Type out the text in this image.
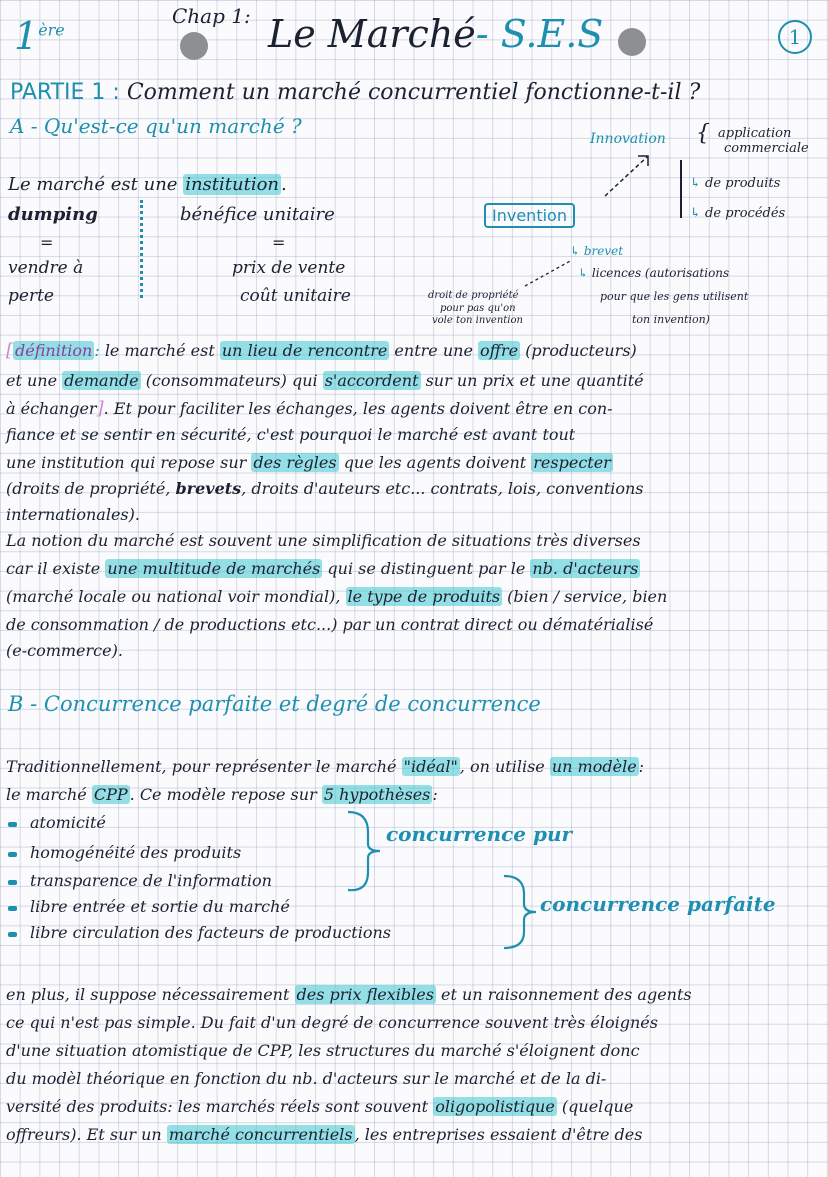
1ère
Chap 1: Le Marché- S.E.S	1
PARTIE 1 : Comment un marché concurrentiel fonctionne-t-il ?
A - Qu'est-ce qu'un marché ?
Le marché est une institution .
dumping	bénéfice unitaire
=	=
vendre à	prix de vente
perte	coût unitaire
Innovation { application
commerciale
↳ de produits
↳ de procédés
Invention
↳ brevet
↳ licences (autorisations
pour que les gens utilisent
ton invention)
droit de propriété
pour pas qu'on
vole ton invention
[ définition : le marché est un lieu de rencontre entre une offre (producteurs)
et une demande (consommateurs) qui s'accordent sur un prix et une quantité
à échanger]. Et pour faciliter les échanges, les agents doivent être en con-
fiance et se sentir en sécurité, c'est pourquoi le marché est avant tout
une institution qui repose sur des règles que les agents doivent respecter
(droits de propriété, brevets, droits d'auteurs etc... contrats, lois, conventions
internationales).
La notion du marché est souvent une simplification de situations très diverses
car il existe une multitude de marchés qui se distinguent par le nb. d'acteurs
(marché locale ou national voir mondial), le type de produits (bien / service, bien
de consommation / de productions etc...) par un contrat direct ou dématérialisé
(e-commerce).
B - Concurrence parfaite et degré de concurrence
Traditionnellement, pour représenter le marché "idéal" , on utilise un modèle :
le marché CPP . Ce modèle repose sur 5 hypothèses :
atomicité
homogénéité des produits
transparence de l'information
libre entrée et sortie du marché
libre circulation des facteurs de productions
concurrence pur
concurrence parfaite
en plus, il suppose nécessairement des prix flexibles et un raisonnement des agents
ce qui n'est pas simple. Du fait d'un degré de concurrence souvent très éloignés
d'une situation atomistique de CPP, les structures du marché s'éloignent donc
du modèl théorique en fonction du nb. d'acteurs sur le marché et de la di-
versité des produits: les marchés réels sont souvent oligopolistique (quelque
offreurs). Et sur un marché concurrentiels , les entreprises essaient d'être des
